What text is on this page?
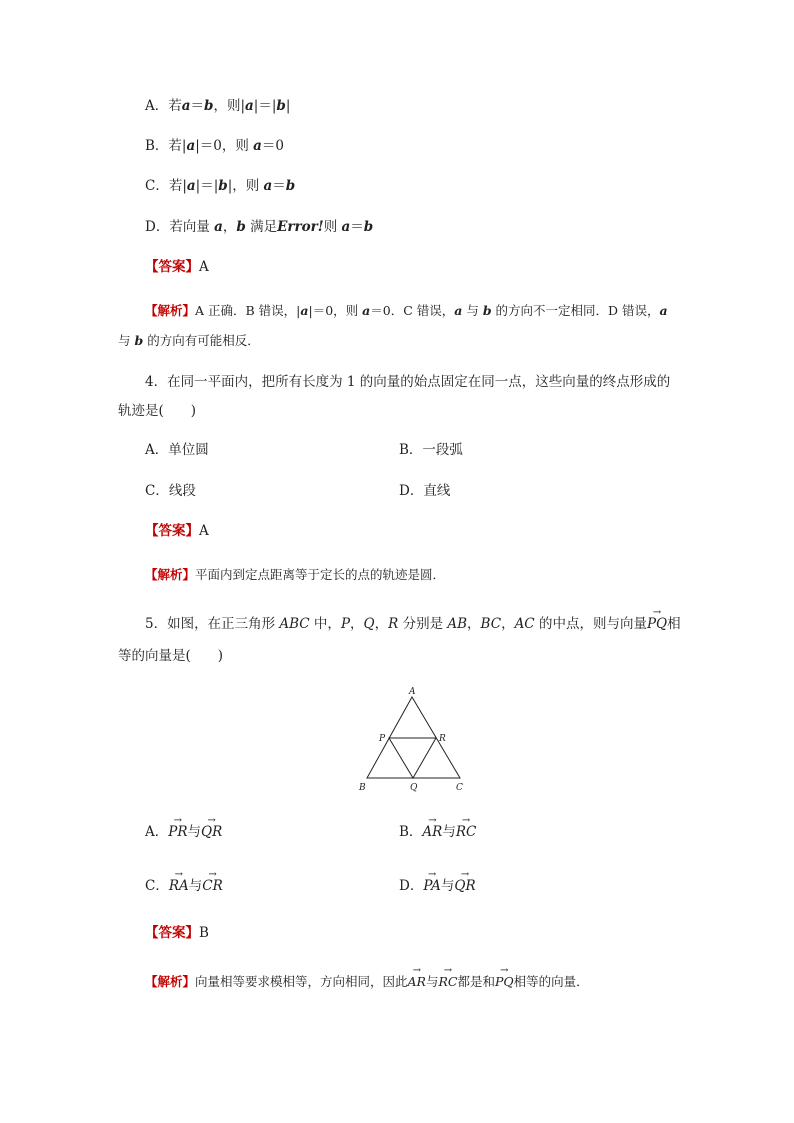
A．若a＝b，则|a|＝|b|
B．若|a|＝0，则 a＝0
C．若|a|＝|b|，则 a＝b
D．若向量 a，b 满足Error!则 a＝b
【答案】A
【解析】A 正确．B 错误，|a|＝0，则 a＝0．C 错误，a 与 b 的方向不一定相同．D 错误，a
与 b 的方向有可能相反．
4．在同一平面内，把所有长度为 1 的向量的始点固定在同一点，这些向量的终点形成的
轨迹是(　　)
A．单位圆	B．一段弧
C．线段	D．直线
【答案】A
【解析】平面内到定点距离等于定长的点的轨迹是圆．
5．如图，在正三角形 ABC 中，P，Q，R 分别是 AB，BC，AC 的中点，则与向量→ PQ相
等的向量是(　　)
A
B	C
P	R
Q
A．→ PR与→ QR	B．→ AR与→ RC
C．→ RA与→ CR	D．→ PA与→ QR
【答案】B
【解析】向量相等要求模相等，方向相同，因此→ AR与→ RC都是和→ PQ相等的向量．
